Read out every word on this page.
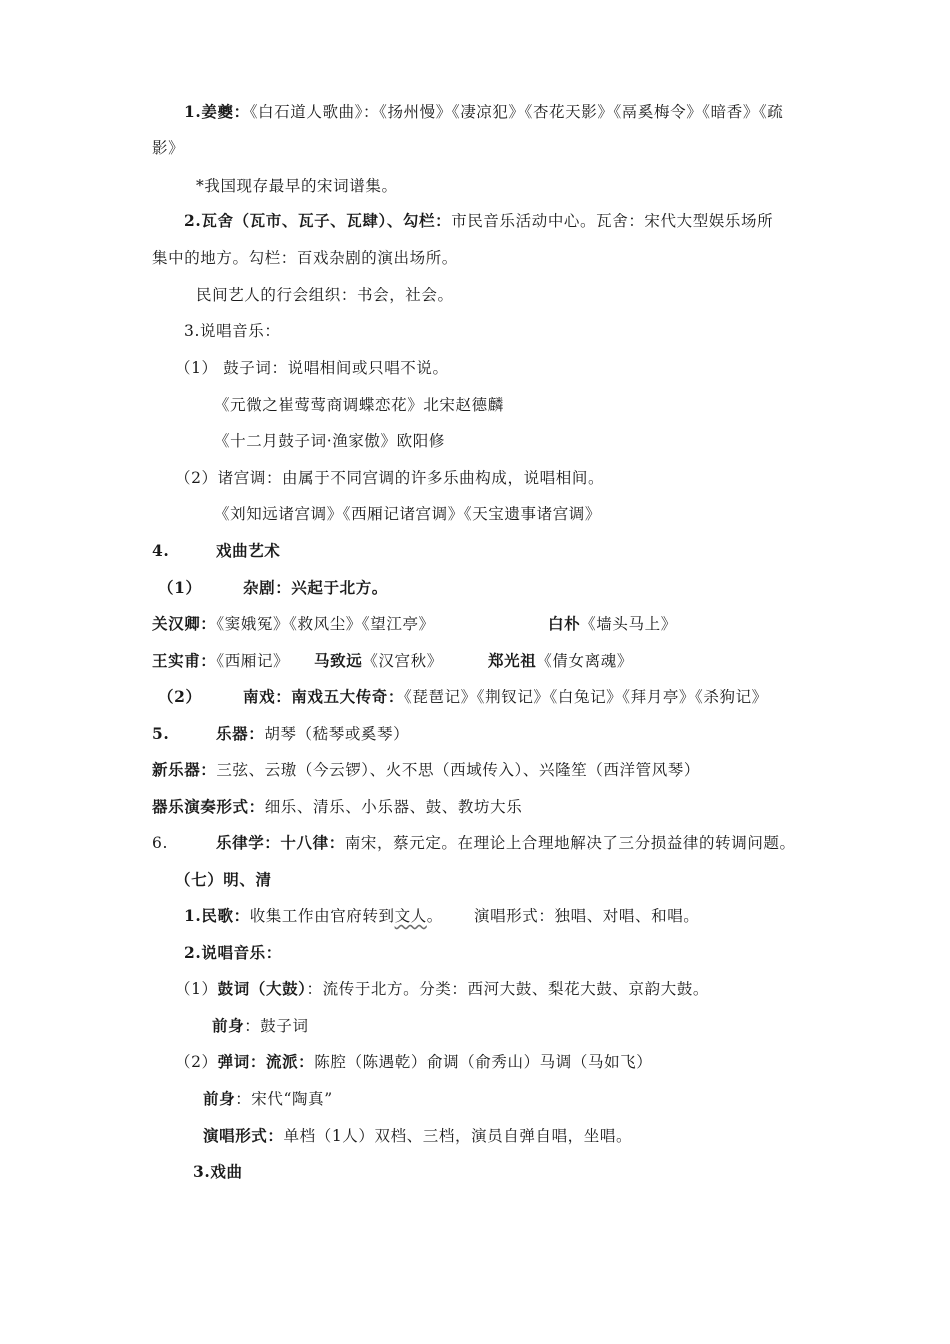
1.姜夔：《白石道人歌曲》：《扬州慢》《凄凉犯》《杏花天影》《鬲奚梅令》《暗香》《疏
影》
*我国现存最早的宋词谱集。
2.瓦舍（瓦市、瓦子、瓦肆）、勾栏：市民音乐活动中心。瓦舍：宋代大型娱乐场所
集中的地方。勾栏：百戏杂剧的演出场所。
民间艺人的行会组织：书会，社会。
3.说唱音乐：
（1） 鼓子词：说唱相间或只唱不说。
《元微之崔莺莺商调蝶恋花》北宋赵德麟
《十二月鼓子词·渔家傲》欧阳修
（2）诸宫调：由属于不同宫调的许多乐曲构成，说唱相间。
《刘知远诸宫调》《西厢记诸宫调》《天宝遗事诸宫调》
4.	戏曲艺术
（1）	杂剧：兴起于北方。
关汉卿：《窦娥冤》《救风尘》《望江亭》	白朴《墙头马上》
王实甫：《西厢记》 马致远《汉宫秋》	郑光祖《倩女离魂》
（2）	南戏：南戏五大传奇：《琵琶记》《荆钗记》《白兔记》《拜月亭》《杀狗记》
5.	乐器：胡琴（嵇琴或奚琴）
新乐器：三弦、云璈（今云锣）、火不思（西域传入）、兴隆笙（西洋管风琴）
器乐演奏形式：细乐、清乐、小乐器、鼓、教坊大乐
6.	乐律学：十八律：南宋，蔡元定。在理论上合理地解决了三分损益律的转调问题。
（七）明、清
1.民歌：收集工作由官府转到文人。 演唱形式：独唱、对唱、和唱。
2.说唱音乐：
（1）鼓词（大鼓）：流传于北方。分类：西河大鼓、梨花大鼓、京韵大鼓。
前身：鼓子词
（2）弹词：流派：陈腔（陈遇乾）俞调（俞秀山）马调（马如飞）
前身：宋代“陶真”
演唱形式：单档（1人）双档、三档，演员自弹自唱，坐唱。
3.戏曲
